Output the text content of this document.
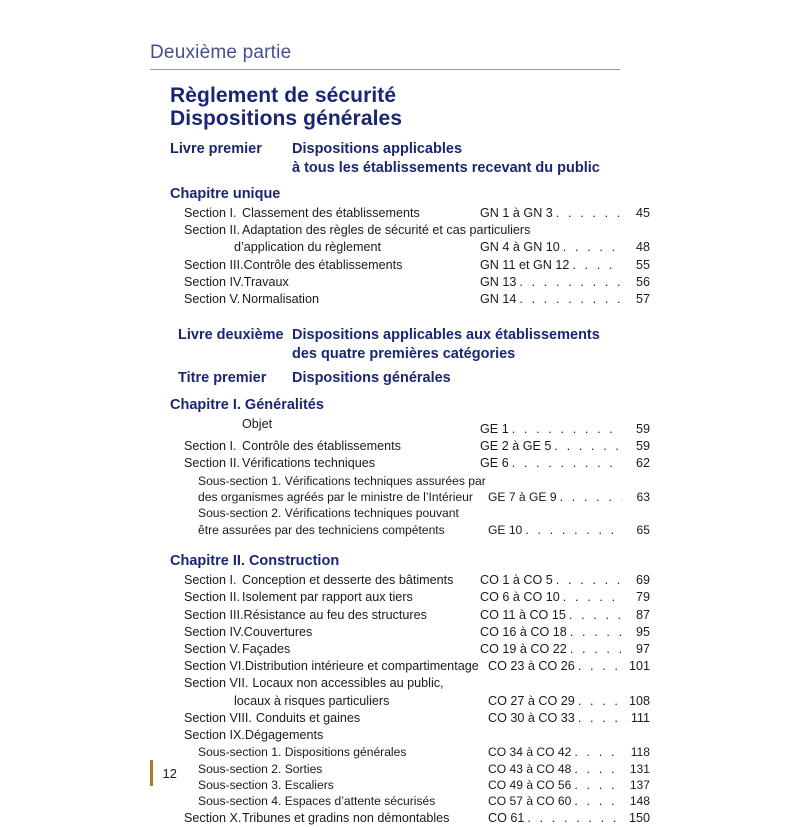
Deuxième partie
Règlement de sécurité
Dispositions générales
Livre premier	Dispositions applicables
à tous les établissements recevant du public
Chapitre unique
Section I. Classement des établissements	GN 1 à GN 3 . . .	45
Section II. Adaptation des règles de sécurité et cas particuliers
d’application du règlement	GN 4 à GN 10 . . .	48
Section III. Contrôle des établissements	GN 11 et GN 12 . . .	55
Section IV. Travaux	GN 13 . . .	56
Section V. Normalisation	GN 14 . . .	57
Livre deuxième Dispositions applicables aux établissements
des quatre premières catégories
Titre premier	Dispositions générales
Chapitre I. Généralités
Objet	GE 1 . . .	59
Section I. Contrôle des établissements	GE 2 à GE 5 . . .	59
Section II. Vérifications techniques	GE 6 . . .	62
Sous-section 1. Vérifications techniques assurées par
des organismes agréés par le ministre de l’Intérieur GE 7 à GE 9 . . .	63
Sous-section 2. Vérifications techniques pouvant
être assurées par des techniciens compétents	GE 10 . . .	65
Chapitre II. Construction
Section I. Conception et desserte des bâtiments CO 1 à CO 5 . . .	69
Section II. Isolement par rapport aux tiers	CO 6 à CO 10 . . .	79
Section III. Résistance au feu des structures	CO 11 à CO 15 . . .	87
Section IV. Couvertures	CO 16 à CO 18 . . .	95
Section V. Façades	CO 19 à CO 22 . . .	97
Section VI. Distribution intérieure et compartimentage CO 23 à CO 26 . . .	101
Section VII. Locaux non accessibles au public,
locaux à risques particuliers	CO 27 à CO 29 . . .	108
Section VIII. Conduits et gaines	CO 30 à CO 33 . . .	111
Section IX. Dégagements
Sous-section 1. Dispositions générales	CO 34 à CO 42 . . .	118
Sous-section 2. Sorties	CO 43 à CO 48 . . .	131
Sous-section 3. Escaliers	CO 49 à CO 56 . . .	137
Sous-section 4. Espaces d’attente sécurisés	CO 57 à CO 60 . . .	148
Section X. Tribunes et gradins non démontables	CO 61 . . .	150
12
